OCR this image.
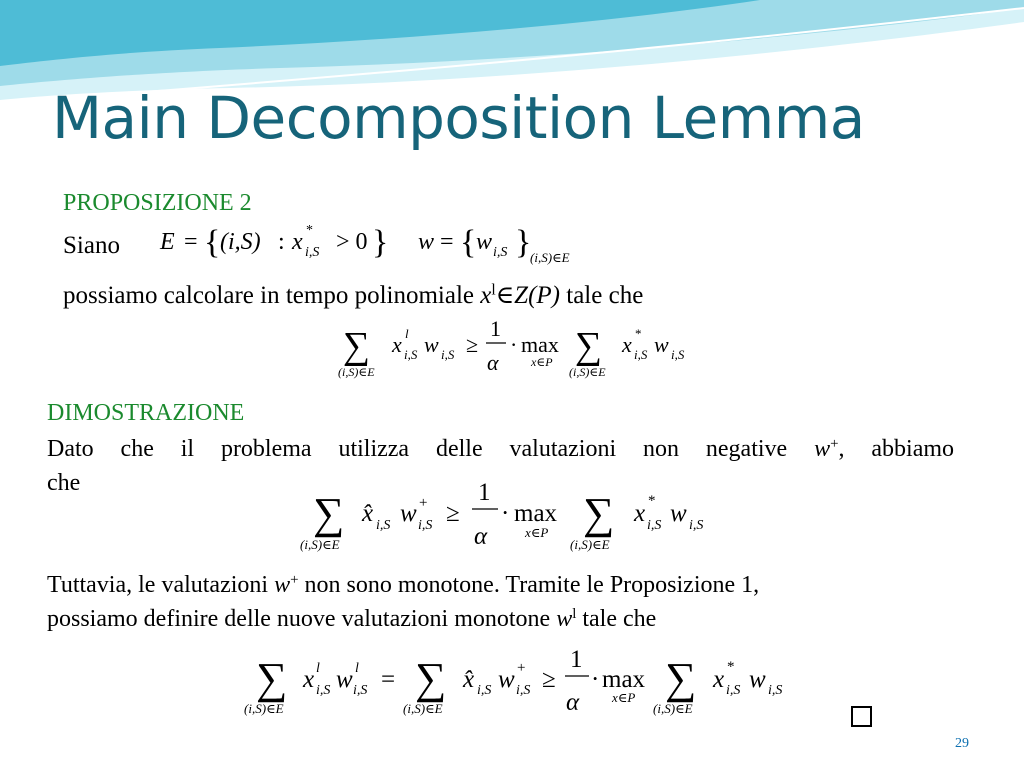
Main Decomposition Lemma
PROPOSIZIONE 2
Siano
possiamo calcolare in tempo polinomiale $x^l\in Z(P)$ tale che
DIMOSTRAZIONE
Dato che il problema utilizza delle valutazioni non negative w+, abbiamo
che
Tuttavia, le valutazioni w+ non sono monotone. Tramite le Proposizione 1,
possiamo definire delle nuove valutazioni monotone $w^l$ tale che
E = { (i,S) : x *
i,S > 0 } w = { w i,S }
(i,S)∈E
∑
(i,S)∈E
x l
i,S w i,S ≥
1
α
· max
x∈P ∑
(i,S)∈E
x *
i,S w i,S
∑
(i,S)∈E
x̂ i,S w +
i,S ≥
1
α
· max
x∈P ∑
(i,S)∈E
x *
i,S w i,S
∑
(i,S)∈E
x l
i,S w l
i,S = ∑
(i,S)∈E
x̂ i,S w +
i,S ≥
1
α
· max
x∈P ∑
(i,S)∈E
x *
i,S w i,S
29
